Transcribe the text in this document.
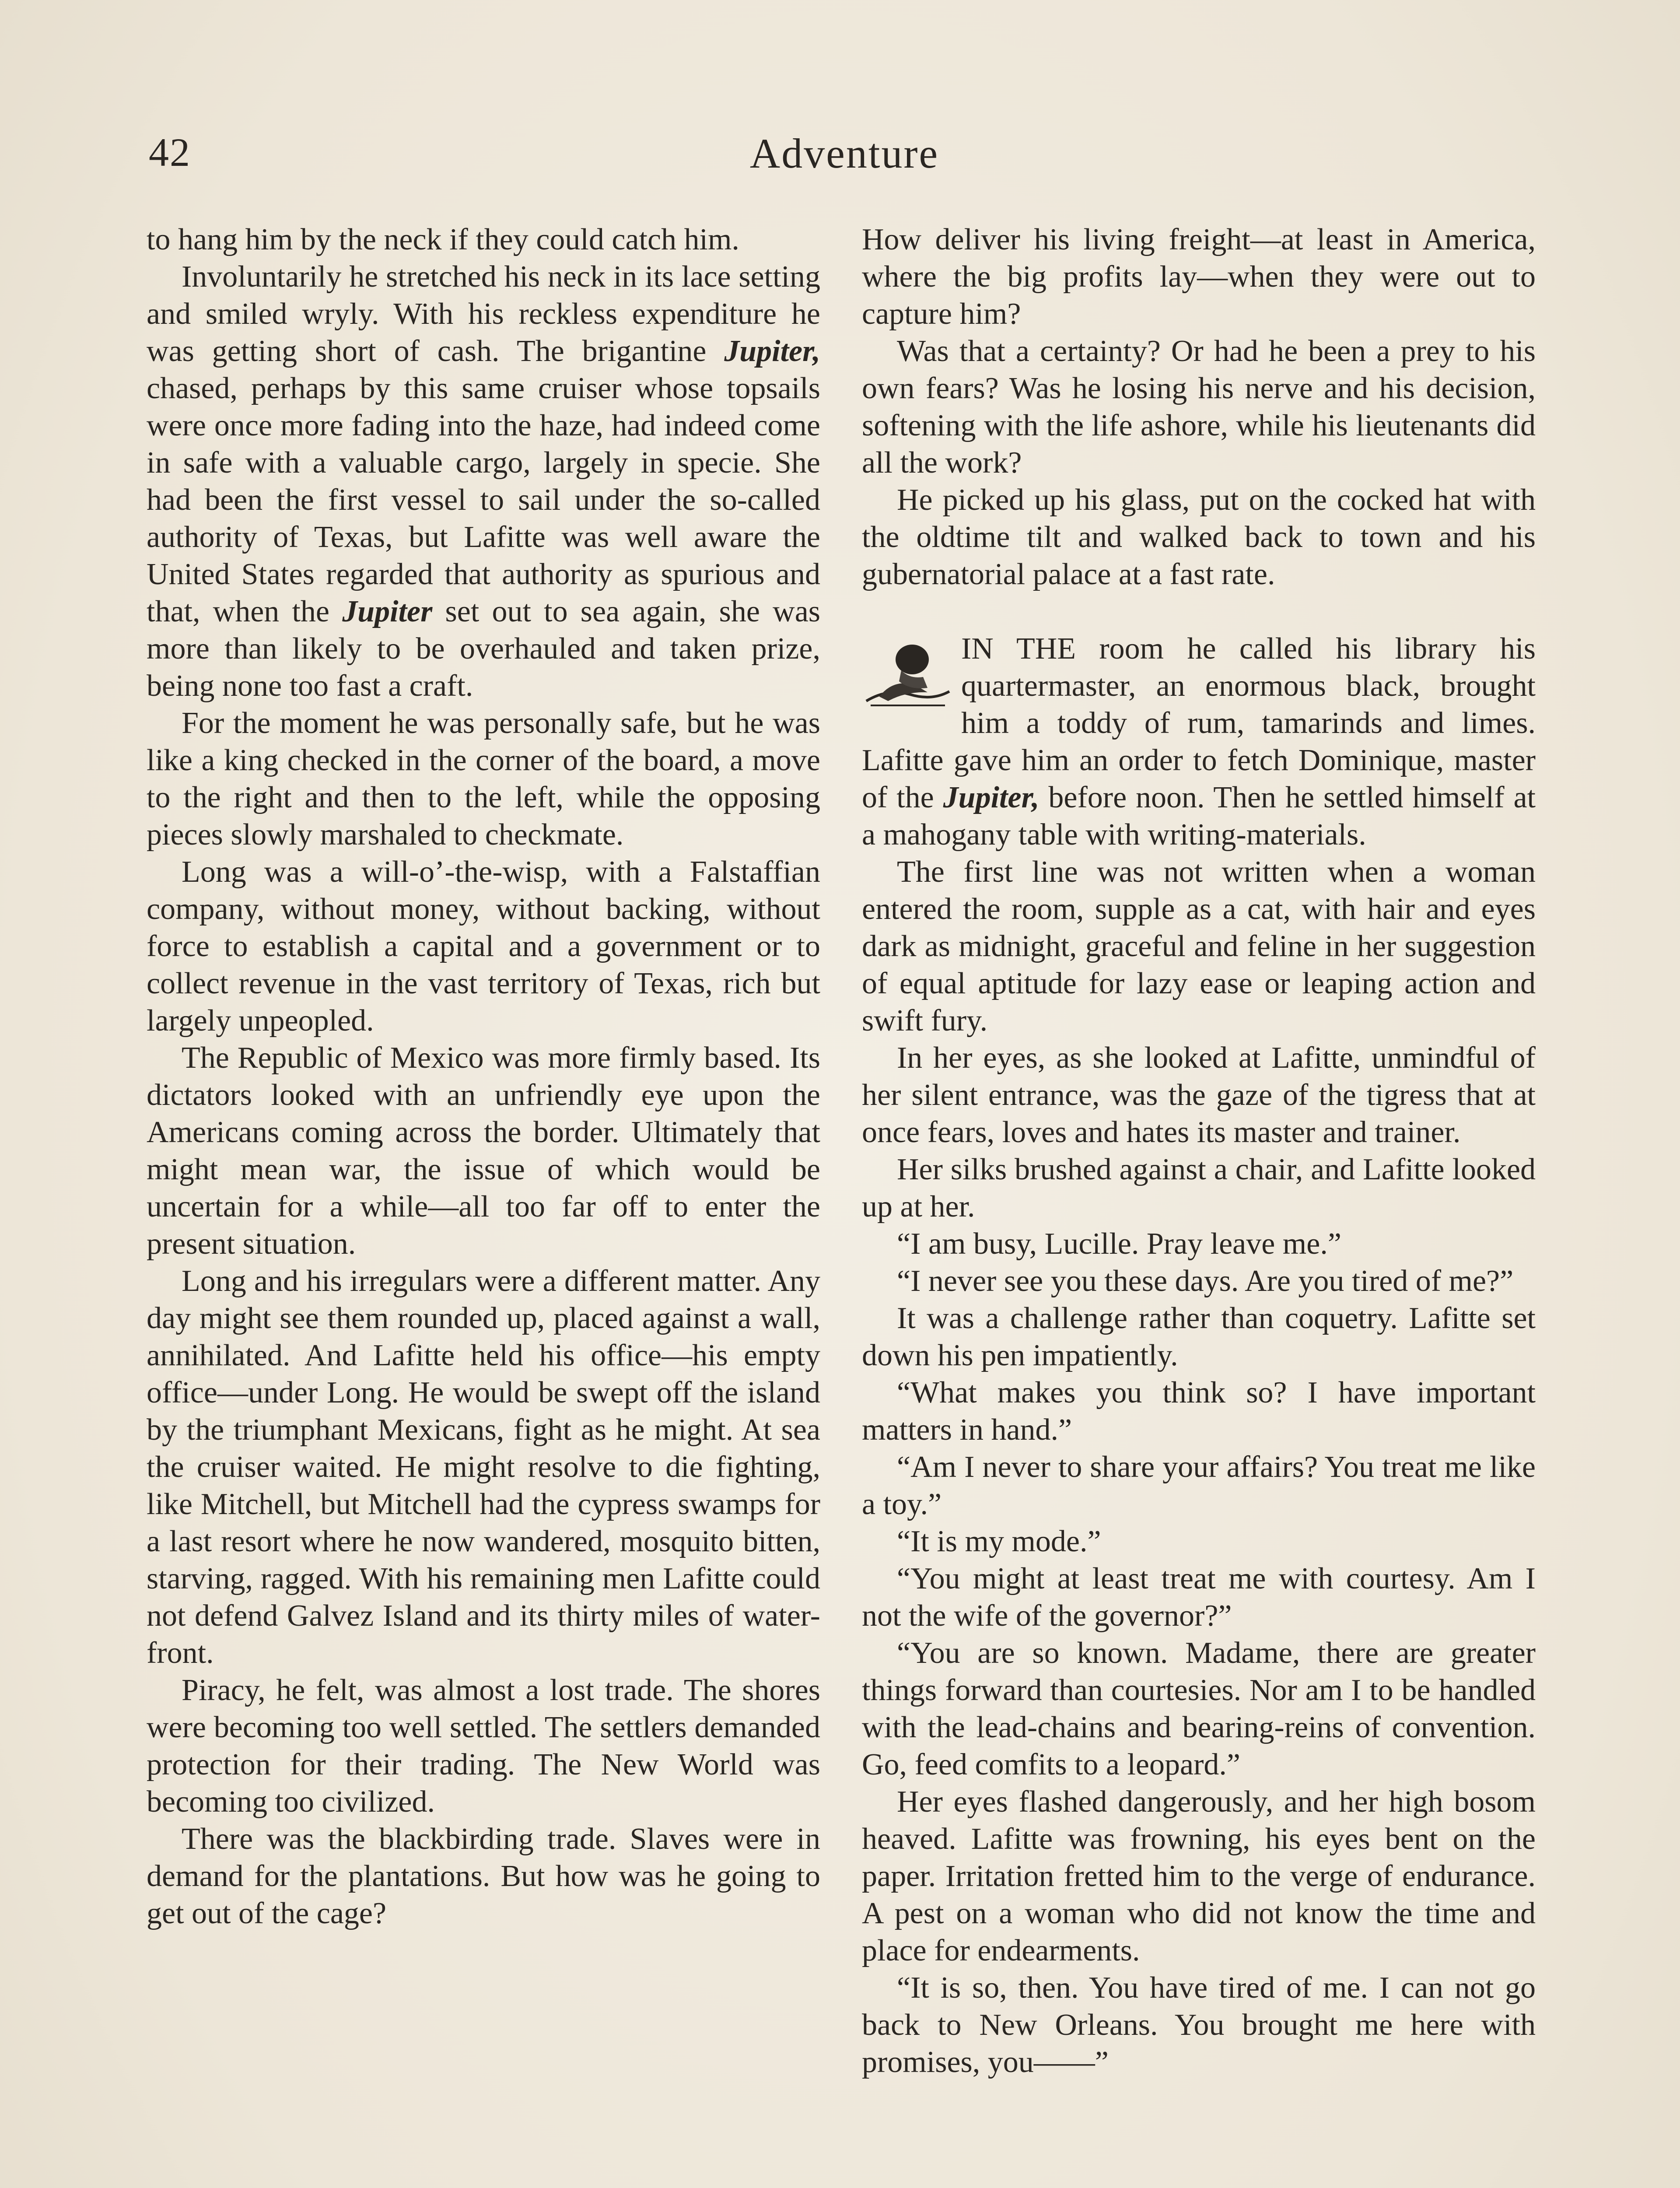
42	Adventure

to hang him by the neck if they could catch him.

Involuntarily he stretched his neck in its lace setting and smiled wryly. With his reckless expenditure he was getting short of cash. The brigantine Jupiter, chased, perhaps by this same cruiser whose topsails were once more fading into the haze, had indeed come in safe with a valuable cargo, largely in specie. She had been the first vessel to sail under the so-called authority of Texas, but Lafitte was well aware the United States regarded that authority as spurious and that, when the Jupiter set out to sea again, she was more than likely to be overhauled and taken prize, being none too fast a craft.

For the moment he was personally safe, but he was like a king checked in the corner of the board, a move to the right and then to the left, while the opposing pieces slowly marshaled to checkmate.

Long was a will-o’-the-wisp, with a Falstaffian company, without money, without backing, without force to establish a capital and a government or to collect revenue in the vast territory of Texas, rich but largely unpeopled.

The Republic of Mexico was more firmly based. Its dictators looked with an unfriendly eye upon the Americans coming across the border. Ultimately that might mean war, the issue of which would be uncertain for a while—all too far off to enter the present situation.

Long and his irregulars were a different matter. Any day might see them rounded up, placed against a wall, annihilated. And Lafitte held his office—his empty office—under Long. He would be swept off the island by the triumphant Mexicans, fight as he might. At sea the cruiser waited. He might resolve to die fighting, like Mitchell, but Mitchell had the cypress swamps for a last resort where he now wandered, mosquito bitten, starving, ragged. With his remaining men Lafitte could not defend Galvez Island and its thirty miles of water-front.

Piracy, he felt, was almost a lost trade. The shores were becoming too well settled. The settlers demanded protection for their trading. The New World was becoming too civilized.

There was the blackbirding trade. Slaves were in demand for the plantations. But how was he going to get out of the cage?

How deliver his living freight—at least in America, where the big profits lay—when they were out to capture him?

Was that a certainty? Or had he been a prey to his own fears? Was he losing his nerve and his decision, softening with the life ashore, while his lieutenants did all the work?

He picked up his glass, put on the cocked hat with the oldtime tilt and walked back to town and his gubernatorial palace at a fast rate.

IN THE room he called his library his quartermaster, an enormous black, brought him a toddy of rum, tamarinds and limes. Lafitte gave him an order to fetch Dominique, master of the Jupiter, before noon. Then he settled himself at a mahogany table with writing-materials.

The first line was not written when a woman entered the room, supple as a cat, with hair and eyes dark as midnight, graceful and feline in her suggestion of equal aptitude for lazy ease or leaping action and swift fury.

In her eyes, as she looked at Lafitte, unmindful of her silent entrance, was the gaze of the tigress that at once fears, loves and hates its master and trainer.

Her silks brushed against a chair, and Lafitte looked up at her.

“I am busy, Lucille. Pray leave me.”

“I never see you these days. Are you tired of me?”

It was a challenge rather than coquetry. Lafitte set down his pen impatiently.

“What makes you think so? I have important matters in hand.”

“Am I never to share your affairs? You treat me like a toy.”

“It is my mode.”

“You might at least treat me with courtesy. Am I not the wife of the governor?”

“You are so known. Madame, there are greater things forward than courtesies. Nor am I to be handled with the lead-chains and bearing-reins of convention. Go, feed comfits to a leopard.”

Her eyes flashed dangerously, and her high bosom heaved. Lafitte was frowning, his eyes bent on the paper. Irritation fretted him to the verge of endurance. A pest on a woman who did not know the time and place for endearments.

“It is so, then. You have tired of me. I can not go back to New Orleans. You brought me here with promises, you——”
